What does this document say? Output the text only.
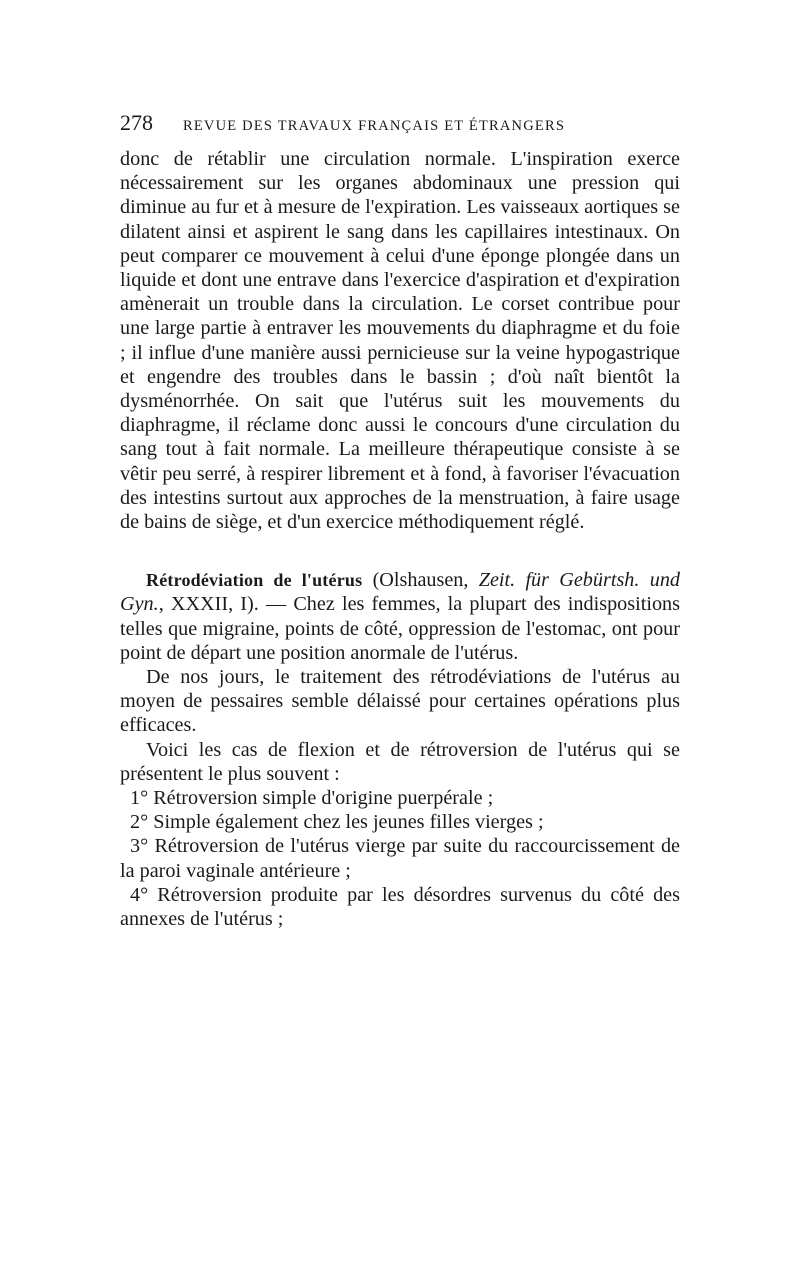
278 REVUE DES TRAVAUX FRANÇAIS ET ÉTRANGERS

donc de rétablir une circulation normale. L'inspiration exerce nécessairement sur les organes abdominaux une pression qui diminue au fur et à mesure de l'expiration. Les vaisseaux aortiques se dilatent ainsi et aspirent le sang dans les capillaires intestinaux. On peut comparer ce mouvement à celui d'une éponge plongée dans un liquide et dont une entrave dans l'exercice d'aspiration et d'expiration amènerait un trouble dans la circulation. Le corset contribue pour une large partie à entraver les mouvements du diaphragme et du foie ; il influe d'une manière aussi pernicieuse sur la veine hypogastrique et engendre des troubles dans le bassin ; d'où naît bientôt la dysménorrhée. On sait que l'utérus suit les mouvements du diaphragme, il réclame donc aussi le concours d'une circulation du sang tout à fait normale. La meilleure thérapeutique consiste à se vêtir peu serré, à respirer librement et à fond, à favoriser l'évacuation des intestins surtout aux approches de la menstruation, à faire usage de bains de siège, et d'un exercice méthodiquement réglé.

Rétrodéviation de l'utérus (Olshausen, Zeit. für Gebürtsh. und Gyn., XXXII, I). — Chez les femmes, la plupart des indispositions telles que migraine, points de côté, oppression de l'estomac, ont pour point de départ une position anormale de l'utérus.

De nos jours, le traitement des rétrodéviations de l'utérus au moyen de pessaires semble délaissé pour certaines opérations plus efficaces.

Voici les cas de flexion et de rétroversion de l'utérus qui se présentent le plus souvent :

1° Rétroversion simple d'origine puerpérale ;

2° Simple également chez les jeunes filles vierges ;

3° Rétroversion de l'utérus vierge par suite du raccourcissement de la paroi vaginale antérieure ;

4° Rétroversion produite par les désordres survenus du côté des annexes de l'utérus ;
